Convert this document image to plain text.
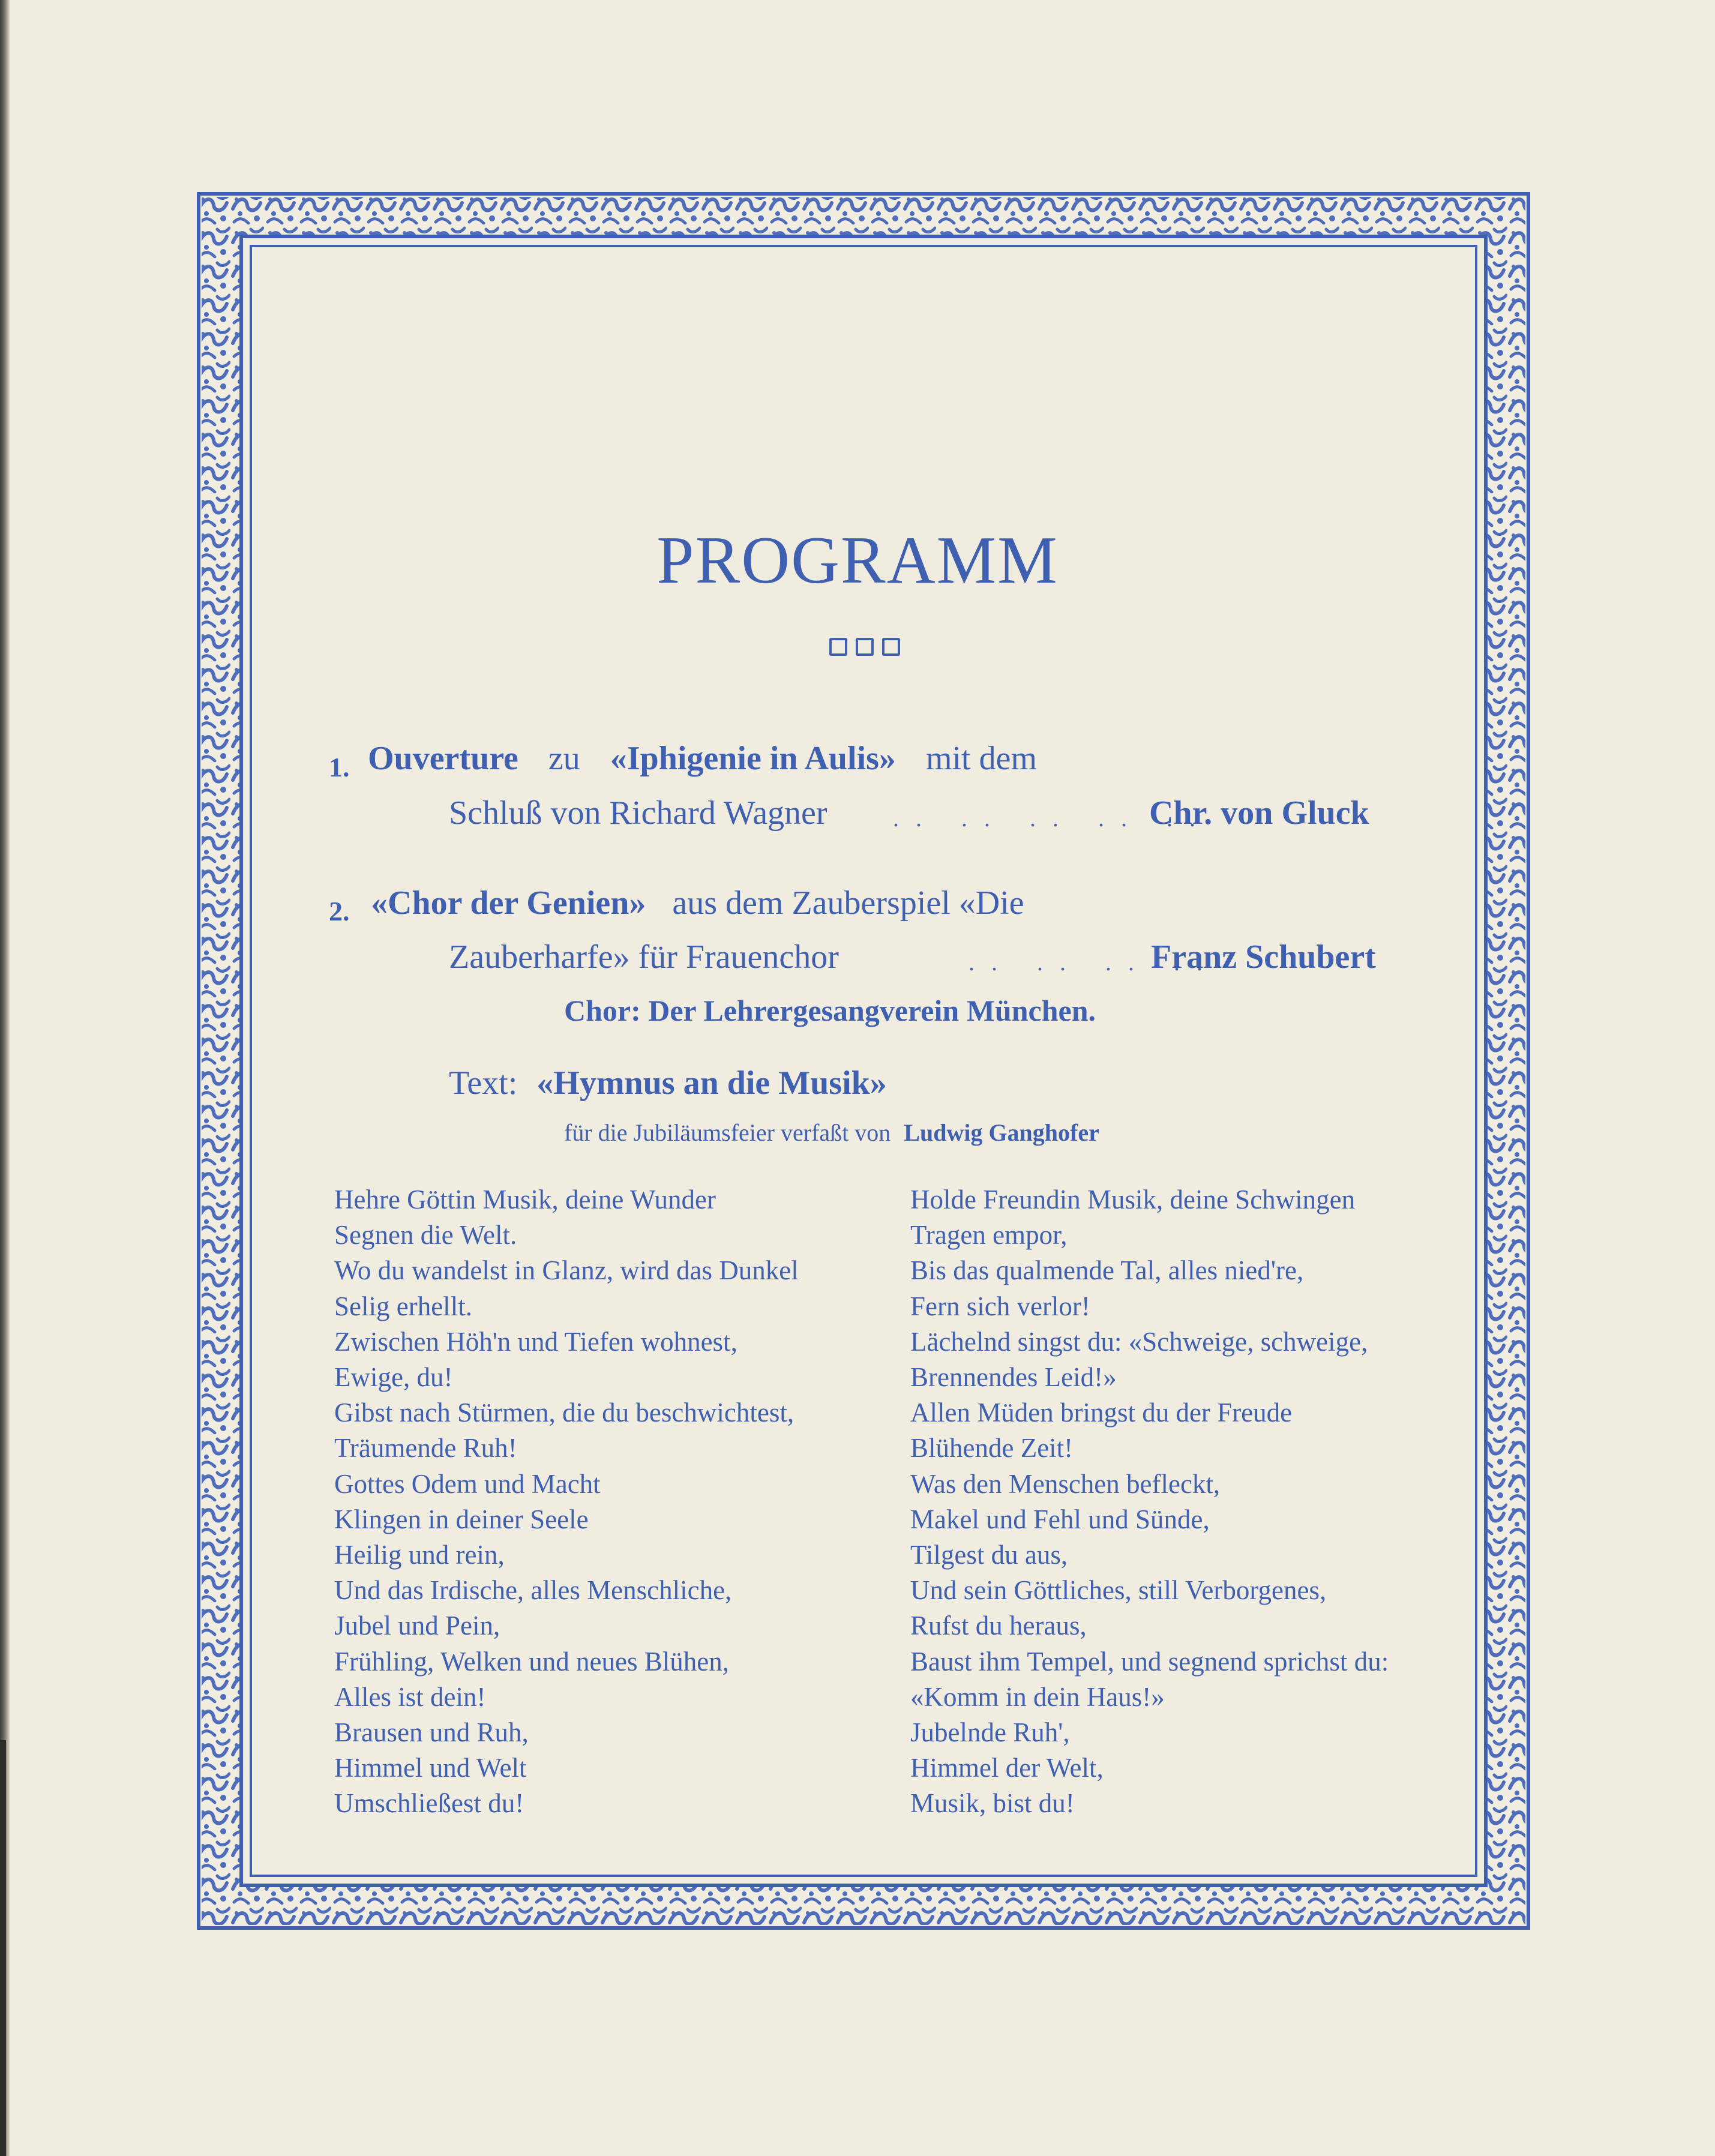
PROGRAMM
1. Ouverture zu «Iphigenie in Aulis» mit dem
Schluß von Richard Wagner	.. .. .. .. ..
Chr. von Gluck
2. «Chor der Genien» aus dem Zauberspiel «Die
Zauberharfe» für Frauenchor	.. .. .. ..
Franz Schubert
Chor: Der Lehrergesangverein München.
Text: «Hymnus an die Musik»
für die Jubiläumsfeier verfaßt von Ludwig Ganghofer
Hehre Göttin Musik, deine Wunder
Segnen die Welt.
Wo du wandelst in Glanz, wird das Dunkel
Selig erhellt.
Zwischen Höh'n und Tiefen wohnest,
Ewige, du!
Gibst nach Stürmen, die du beschwichtest,
Träumende Ruh!
Gottes Odem und Macht
Klingen in deiner Seele
Heilig und rein,
Und das Irdische, alles Menschliche,
Jubel und Pein,
Frühling, Welken und neues Blühen,
Alles ist dein!
Brausen und Ruh,
Himmel und Welt
Umschließest du!
Holde Freundin Musik, deine Schwingen
Tragen empor,
Bis das qualmende Tal, alles nied're,
Fern sich verlor!
Lächelnd singst du: «Schweige, schweige,
Brennendes Leid!»
Allen Müden bringst du der Freude
Blühende Zeit!
Was den Menschen befleckt,
Makel und Fehl und Sünde,
Tilgest du aus,
Und sein Göttliches, still Verborgenes,
Rufst du heraus,
Baust ihm Tempel, und segnend sprichst du:
«Komm in dein Haus!»
Jubelnde Ruh',
Himmel der Welt,
Musik, bist du!
